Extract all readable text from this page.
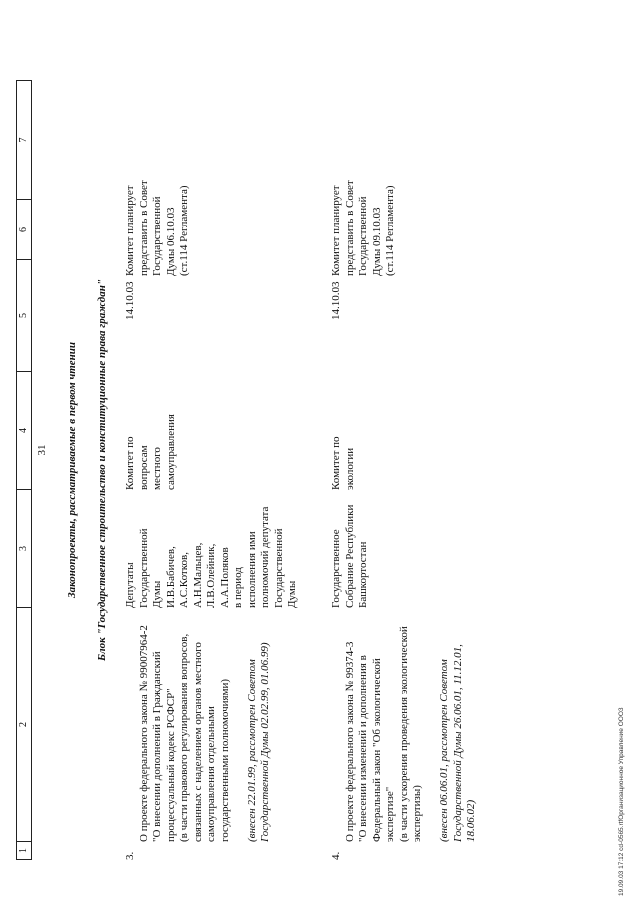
1
2
3
4
5
6
7
31 Законопроекты, рассматриваемые в первом чтении Блок "Государственное строительство и конституционные права граждан"
3.

О проекте федерального закона № 99007964-2
"О внесении дополнений в Гражданский
процессуальный кодекс РСФСР"
(в части правового регулирования вопросов,
связанных с наделением органов местного
самоуправления отдельными
государственными полномочиями)

(внесен 22.01.99, рассмотрен Советом
Государственной Думы 02.02.99, 01.06.99)

Депутаты
Государственной
Думы
И.В.Бабичев,
А.С.Котков,
А.Н.Мальцев,
Л.В.Олейник,
А.А.Поляков
в период
исполнения ими
полномочий депутата
Государственной
Думы
Комитет по
вопросам
местного
самоуправления
14.10.03
Комитет планирует
представить в Совет
Государственной
Думы 06.10.03
(ст.114 Регламента)
4.

О проекте федерального закона № 99374-3
"О внесении изменений и дополнения в
Федеральный закон "Об экологической
экспертизе"
(в части ускорения проведения экологической
экспертизы) (внесен 06.06.01, рассмотрен Советом
Государственной Думы 26.06.01, 11.12.01,
18.06.02)

Государственное
Собрание Республики
Башкортостан
Комитет по
экологии
14.10.03
Комитет планирует
представить в Совет
Государственной
Думы 09.10.03
(ст.114 Регламента)
19.09.03 17:12 cd-0565.rtfОрганизационное Управление ООО3
